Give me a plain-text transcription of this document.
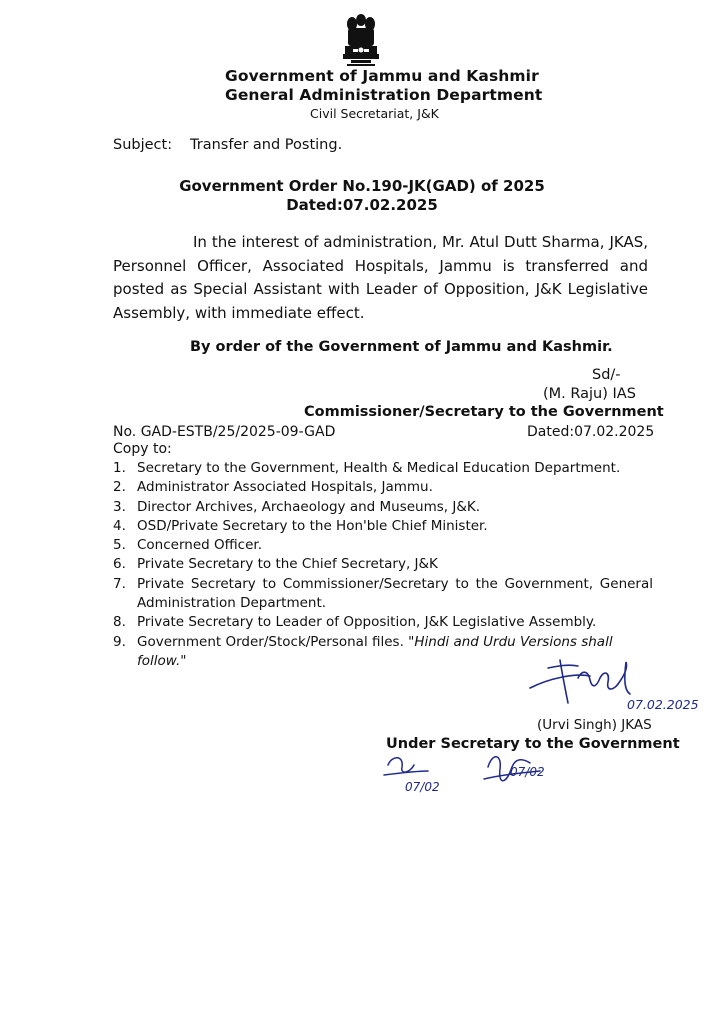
Government of Jammu and Kashmir
General Administration Department
Civil Secretariat, J&K
Subject: Transfer and Posting.
Government Order No.190-JK(GAD) of 2025
Dated:07.02.2025

In the interest of administration, Mr. Atul Dutt Sharma, JKAS, Personnel Officer, Associated Hospitals, Jammu is transferred and posted as Special Assistant with Leader of Opposition, J&K Legislative Assembly, with immediate effect.

By order of the Government of Jammu and Kashmir.
Sd/-
(M. Raju) IAS
Commissioner/Secretary to the Government
No. GAD-ESTB/25/2025-09-GAD	Dated:07.02.2025
Copy to:
1. Secretary to the Government, Health & Medical Education Department.
2. Administrator Associated Hospitals, Jammu.
3. Director Archives, Archaeology and Museums, J&K.
4. OSD/Private Secretary to the Hon'ble Chief Minister.
5. Concerned Officer.
6. Private Secretary to the Chief Secretary, J&K
7. Private Secretary to Commissioner/Secretary to the Government, General Administration Department.
8. Private Secretary to Leader of Opposition, J&K Legislative Assembly.
9. Government Order/Stock/Personal files. "Hindi and Urdu Versions shall follow."
07.02.2025
(Urvi Singh) JKAS
Under Secretary to the Government
07/02
07/02
